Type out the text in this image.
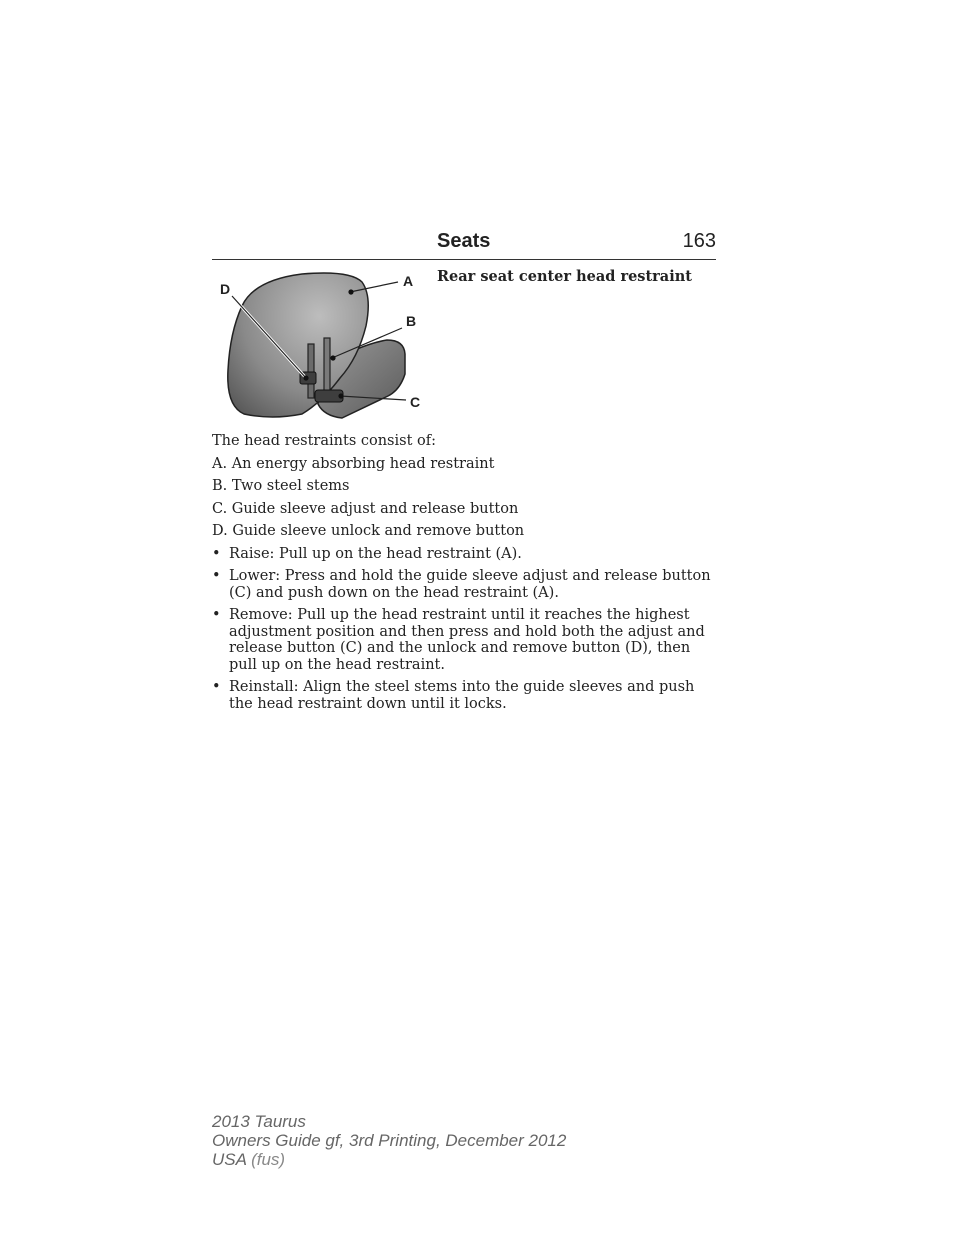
Seats	163
A
B
C
D
Rear seat center head restraint

The head restraints consist of:

A. An energy absorbing head restraint

B. Two steel stems

C. Guide sleeve adjust and release button

D. Guide sleeve unlock and remove button

• Raise: Pull up on the head restraint (A).
• Lower: Press and hold the guide sleeve adjust and release button (C) and push down on the head restraint (A).
• Remove: Pull up the head restraint until it reaches the highest adjustment position and then press and hold both the adjust and release button (C) and the unlock and remove button (D), then pull up on the head restraint.
• Reinstall: Align the steel stems into the guide sleeves and push the head restraint down until it locks.
2013 Taurus
Owners Guide gf, 3rd Printing, December 2012
USA (fus)
